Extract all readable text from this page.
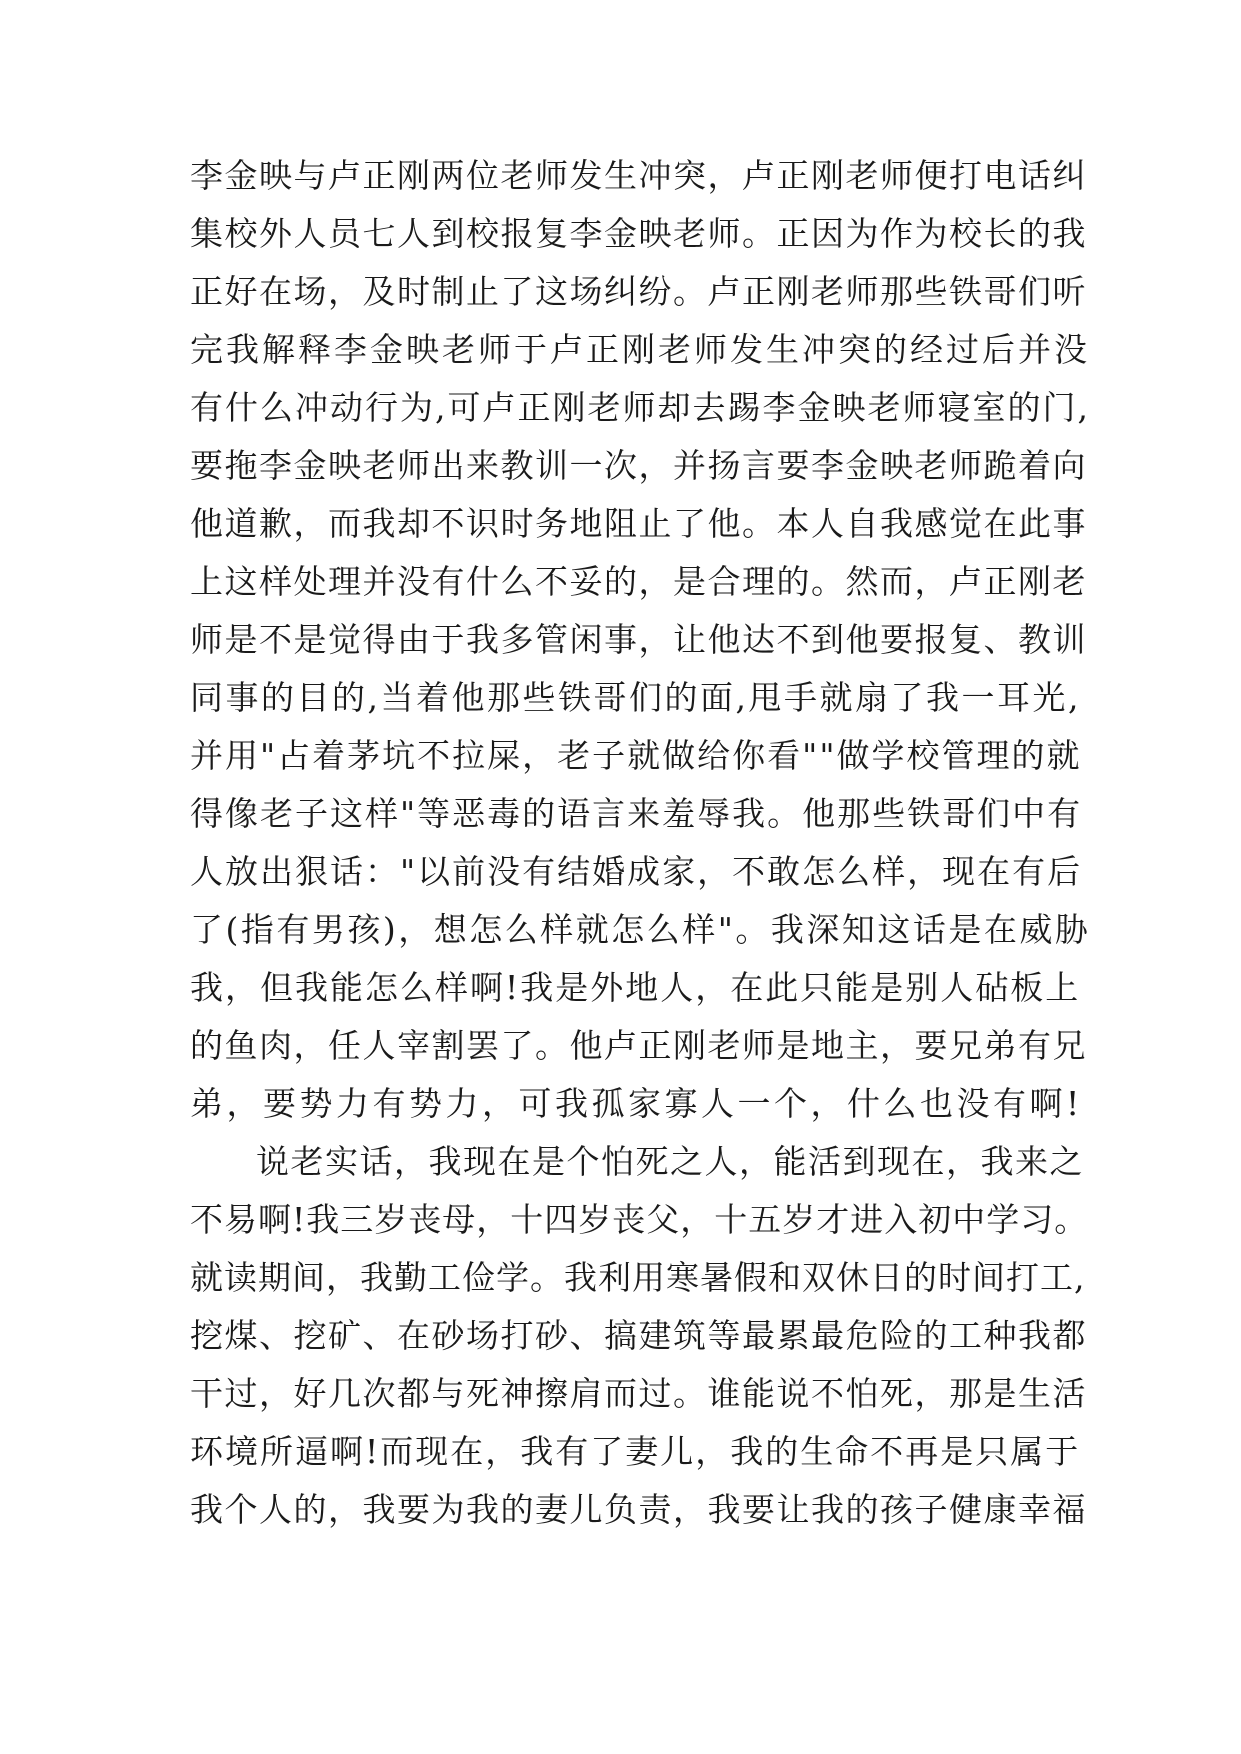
李金映与卢正刚两位老师发生冲突，卢正刚老师便打电话纠

集校外人员七人到校报复李金映老师。正因为作为校长的我

正好在场，及时制止了这场纠纷。卢正刚老师那些铁哥们听

完我解释李金映老师于卢正刚老师发生冲突的经过后并没

有什么冲动行为,可卢正刚老师却去踢李金映老师寝室的门,

要拖李金映老师出来教训一次，并扬言要李金映老师跪着向

他道歉，而我却不识时务地阻止了他。本人自我感觉在此事

上这样处理并没有什么不妥的，是合理的。然而，卢正刚老

师是不是觉得由于我多管闲事，让他达不到他要报复、教训

同事的目的,当着他那些铁哥们的面,甩手就扇了我一耳光,

并用"占着茅坑不拉屎，老子就做给你看""做学校管理的就

得像老子这样"等恶毒的语言来羞辱我。他那些铁哥们中有

人放出狠话："以前没有结婚成家，不敢怎么样，现在有后

了(指有男孩)，想怎么样就怎么样"。我深知这话是在威胁

我，但我能怎么样啊!我是外地人，在此只能是别人砧板上

的鱼肉，任人宰割罢了。他卢正刚老师是地主，要兄弟有兄

弟，要势力有势力，可我孤家寡人一个，什么也没有啊!

说老实话，我现在是个怕死之人，能活到现在，我来之

不易啊!我三岁丧母，十四岁丧父，十五岁才进入初中学习。

就读期间，我勤工俭学。我利用寒暑假和双休日的时间打工,

挖煤、挖矿、在砂场打砂、搞建筑等最累最危险的工种我都

干过，好几次都与死神擦肩而过。谁能说不怕死，那是生活

环境所逼啊!而现在，我有了妻儿，我的生命不再是只属于

我个人的，我要为我的妻儿负责，我要让我的孩子健康幸福
